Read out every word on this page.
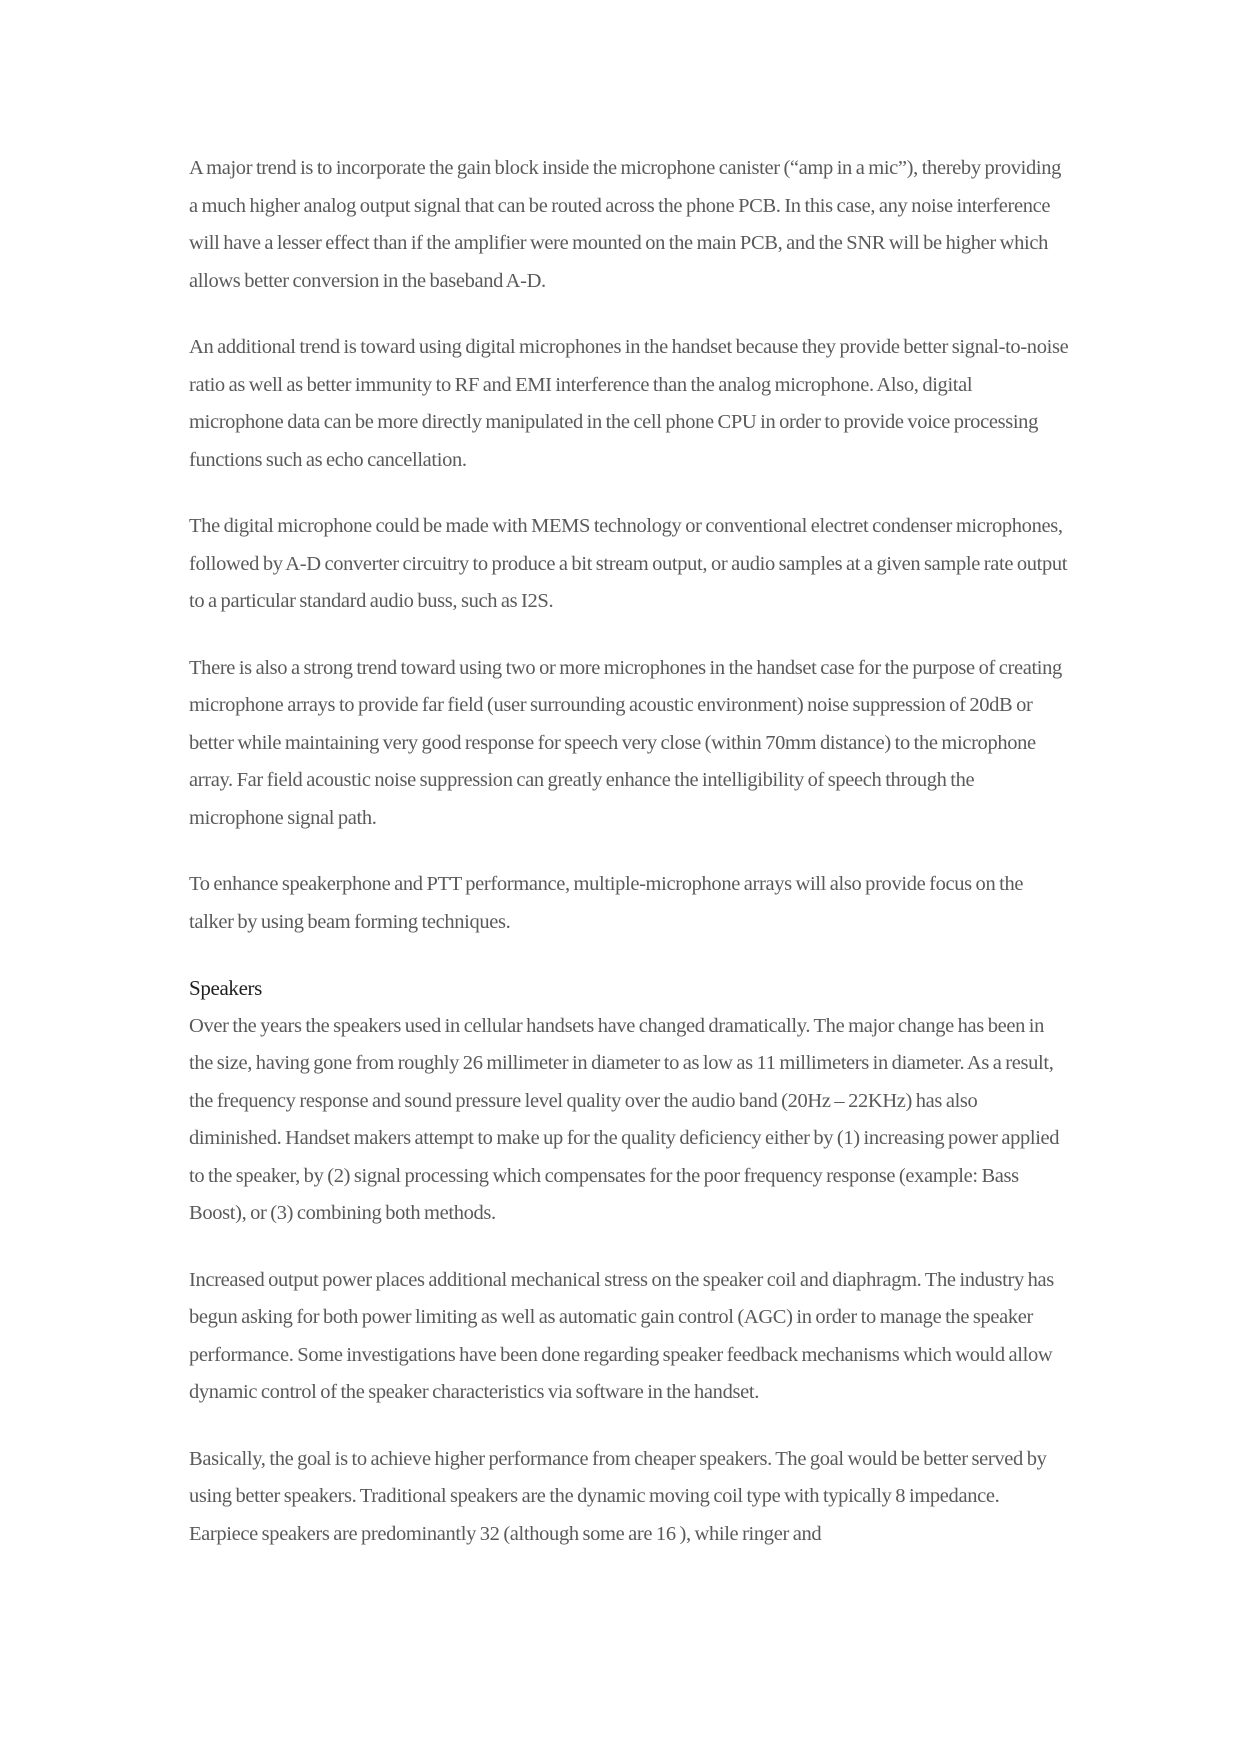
A major trend is to incorporate the gain block inside the microphone canister (“amp in a mic”), thereby providing a much higher analog output signal that can be routed across the phone PCB. In this case, any noise interference will have a lesser effect than if the amplifier were mounted on the main PCB, and the SNR will be higher which allows better conversion in the baseband A-D.

An additional trend is toward using digital microphones in the handset because they provide better signal-to-noise ratio as well as better immunity to RF and EMI interference than the analog microphone. Also, digital microphone data can be more directly manipulated in the cell phone CPU in order to provide voice processing functions such as echo cancellation.

The digital microphone could be made with MEMS technology or conventional electret condenser microphones, followed by A-D converter circuitry to produce a bit stream output, or audio samples at a given sample rate output to a particular standard audio buss, such as I2S.

There is also a strong trend toward using two or more microphones in the handset case for the purpose of creating microphone arrays to provide far field (user surrounding acoustic environment) noise suppression of 20dB or better while maintaining very good response for speech very close (within 70mm distance) to the microphone array. Far field acoustic noise suppression can greatly enhance the intelligibility of speech through the microphone signal path.

To enhance speakerphone and PTT performance, multiple-microphone arrays will also provide focus on the talker by using beam forming techniques.

Speakers

Over the years the speakers used in cellular handsets have changed dramatically. The major change has been in the size, having gone from roughly 26 millimeter in diameter to as low as 11 millimeters in diameter. As a result, the frequency response and sound pressure level quality over the audio band (20Hz – 22KHz) has also diminished. Handset makers attempt to make up for the quality deficiency either by (1) increasing power applied to the speaker, by (2) signal processing which compensates for the poor frequency response (example: Bass Boost), or (3) combining both methods.

Increased output power places additional mechanical stress on the speaker coil and diaphragm. The industry has begun asking for both power limiting as well as automatic gain control (AGC) in order to manage the speaker performance. Some investigations have been done regarding speaker feedback mechanisms which would allow dynamic control of the speaker characteristics via software in the handset.

Basically, the goal is to achieve higher performance from cheaper speakers. The goal would be better served by using better speakers. Traditional speakers are the dynamic moving coil type with typically 8 impedance. Earpiece speakers are predominantly 32 (although some are 16 ), while ringer and
